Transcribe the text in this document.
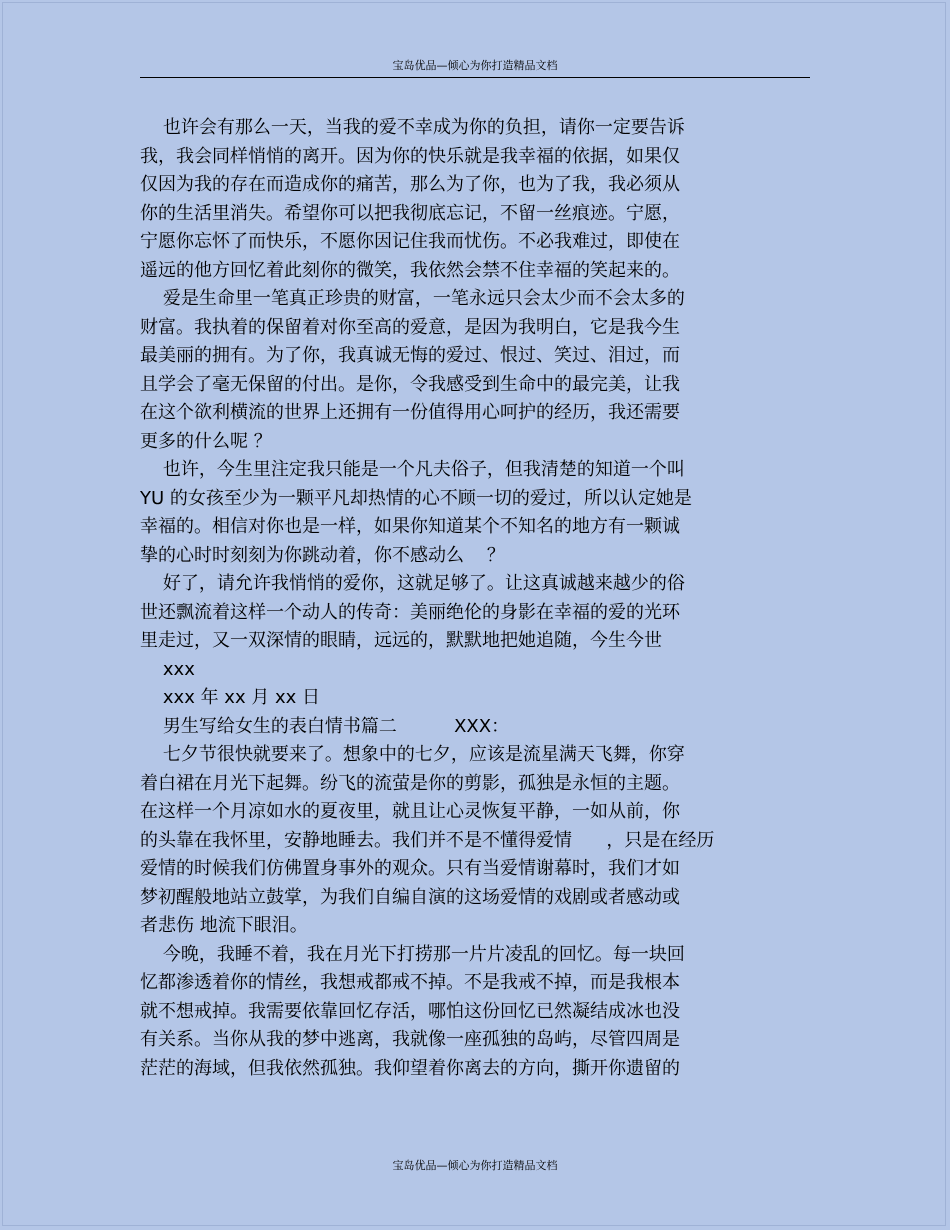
宝岛优品—倾心为你打造精品文档
也许会有那么一天，当我的爱不幸成为你的负担，请你一定要告诉
我，我会同样悄悄的离开。因为你的快乐就是我幸福的依据，如果仅
仅因为我的存在而造成你的痛苦，那么为了你，也为了我，我必须从
你的生活里消失。希望你可以把我彻底忘记，不留一丝痕迹。宁愿，
宁愿你忘怀了而快乐，不愿你因记住我而忧伤。不必我难过，即使在
遥远的他方回忆着此刻你的微笑，我依然会禁不住幸福的笑起来的。
爱是生命里一笔真正珍贵的财富，一笔永远只会太少而不会太多的
财富。我执着的保留着对你至高的爱意，是因为我明白，它是我今生
最美丽的拥有。为了你，我真诚无悔的爱过、恨过、笑过、泪过，而
且学会了毫无保留的付出。是你，令我感受到生命中的最完美，让我
在这个欲利横流的世界上还拥有一份值得用心呵护的经历，我还需要
更多的什么呢 ？
也许，今生里注定我只能是一个凡夫俗子，但我清楚的知道一个叫
YU 的女孩至少为一颗平凡却热情的心不顾一切的爱过，所以认定她是
幸福的。相信对你也是一样，如果你知道某个不知名的地方有一颗诚
挚的心时时刻刻为你跳动着，你不感动么    ？
好了，请允许我悄悄的爱你，这就足够了。让这真诚越来越少的俗
世还飘流着这样一个动人的传奇：美丽绝伦的身影在幸福的爱的光环
里走过，又一双深情的眼睛，远远的，默默地把她追随，今生今世
xxx
xxx 年 xx 月 xx 日
男生写给女生的表白情书篇二          XXX：
七夕节很快就要来了。想象中的七夕，应该是流星满天飞舞，你穿
着白裙在月光下起舞。纷飞的流萤是你的剪影，孤独是永恒的主题。
在这样一个月凉如水的夏夜里，就且让心灵恢复平静，一如从前，你
的头靠在我怀里，安静地睡去。我们并不是不懂得爱情      ，只是在经历
爱情的时候我们仿佛置身事外的观众。只有当爱情谢幕时，我们才如
梦初醒般地站立鼓掌，为我们自编自演的这场爱情的戏剧或者感动或
者悲伤 地流下眼泪。
今晚，我睡不着，我在月光下打捞那一片片凌乱的回忆。每一块回
忆都渗透着你的情丝，我想戒都戒不掉。不是我戒不掉，而是我根本
就不想戒掉。我需要依靠回忆存活，哪怕这份回忆已然凝结成冰也没
有关系。当你从我的梦中逃离，我就像一座孤独的岛屿，尽管四周是
茫茫的海域，但我依然孤独。我仰望着你离去的方向，撕开你遗留的
宝岛优品—倾心为你打造精品文档
